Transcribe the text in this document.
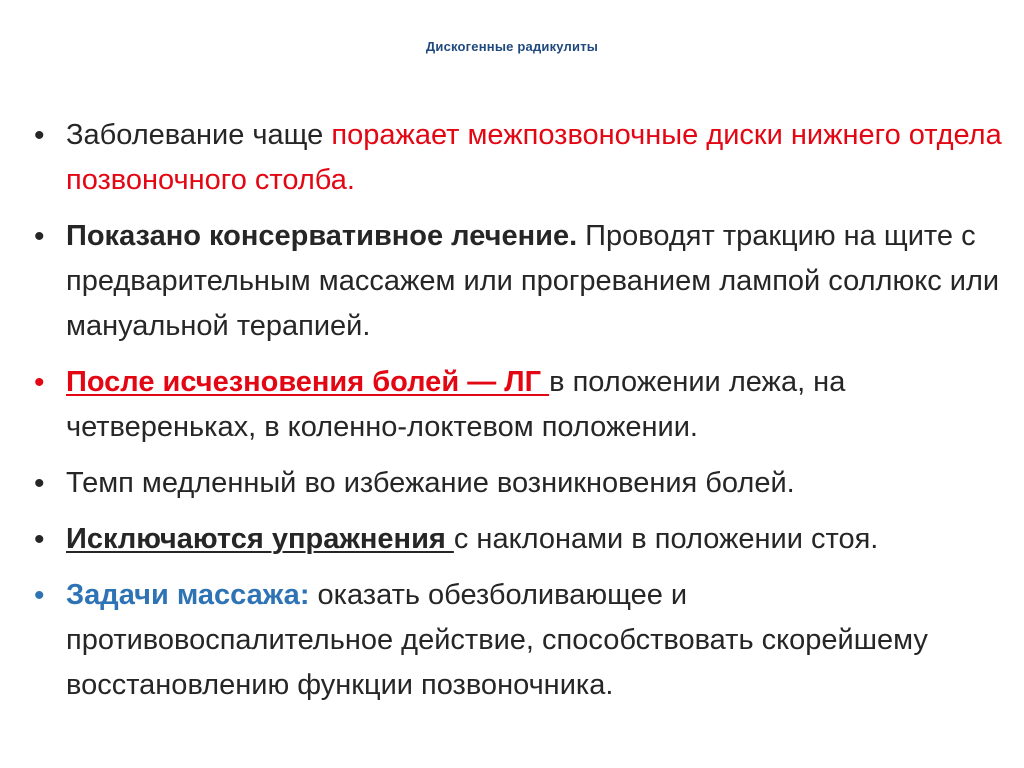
Дискогенные радикулиты
• Заболевание чаще поражает межпозвоночные диски нижнего отдела позвоночного столба.
• Показано консервативное лечение. Проводят тракцию на щите с предварительным массажем или прогреванием лампой соллюкс или мануальной терапией.
• После исчезновения болей — ЛГ в положении лежа, на четвереньках, в коленно-локтевом положении.
• Темп медленный во избежание возникновения болей.
• Исключаются упражнения с наклонами в положении стоя.
• Задачи массажа: оказать обезболивающее и противовоспалительное действие, способствовать скорейшему восстановлению функции позвоночника.
